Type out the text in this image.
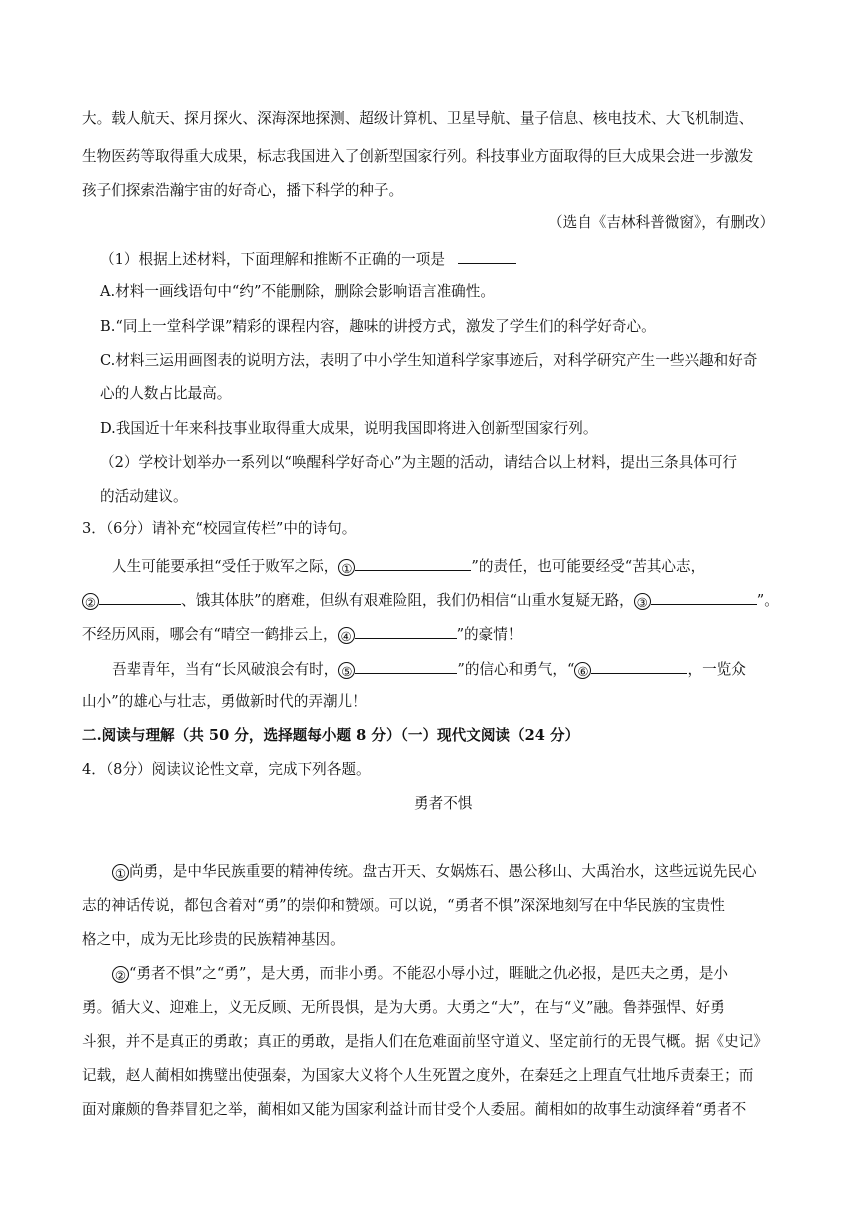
大。载人航天、探月探火、深海深地探测、超级计算机、卫星导航、量子信息、核电技术、大飞机制造、
生物医药等取得重大成果，标志我国进入了创新型国家行列。科技事业方面取得的巨大成果会进一步激发
孩子们探索浩瀚宇宙的好奇心，播下科学的种子。
（选自《吉林科普微窗》，有删改）
（1）根据上述材料，下面理解和推断不正确的一项是
A.材料一画线语句中“约”不能删除，删除会影响语言准确性。
B.“同上一堂科学课”精彩的课程内容，趣味的讲授方式，激发了学生们的科学好奇心。
C.材料三运用画图表的说明方法，表明了中小学生知道科学家事迹后，对科学研究产生一些兴趣和好奇
心的人数占比最高。
D.我国近十年来科技事业取得重大成果，说明我国即将进入创新型国家行列。
（2）学校计划举办一系列以“唤醒科学好奇心”为主题的活动，请结合以上材料，提出三条具体可行
的活动建议。
3．（6分）请补充“校园宣传栏”中的诗句。
人生可能要承担“受任于败军之际， ①	”的责任，也可能要经受“苦其心志，
②	、饿其体肤”的磨难，但纵有艰难险阻，我们仍相信“山重水复疑无路， ③	”。
不经历风雨，哪会有“晴空一鹤排云上， ④	”的豪情！
吾辈青年，当有“长风破浪会有时， ⑤	”的信心和勇气，“ ⑥	，一览众
山小”的雄心与壮志，勇做新时代的弄潮儿！
二.阅读与理解（共 50 分，选择题每小题 8 分）（一）现代文阅读（24 分）
4．（8分）阅读议论性文章，完成下列各题。
勇者不惧
① 尚勇，是中华民族重要的精神传统。盘古开天、女娲炼石、愚公移山、大禹治水，这些远说先民心
志的神话传说，都包含着对“勇”的崇仰和赞颂。可以说，“勇者不惧”深深地刻写在中华民族的宝贵性
格之中，成为无比珍贵的民族精神基因。
② “勇者不惧”之“勇”，是大勇，而非小勇。不能忍小辱小过，睚眦之仇必报，是匹夫之勇，是小
勇。循大义、迎难上，义无反顾、无所畏惧，是为大勇。大勇之“大”，在与“义”融。鲁莽强悍、好勇
斗狠，并不是真正的勇敢；真正的勇敢，是指人们在危难面前坚守道义、坚定前行的无畏气概。据《史记》
记载，赵人蔺相如携璧出使强秦，为国家大义将个人生死置之度外，在秦廷之上理直气壮地斥责秦王；而
面对廉颇的鲁莽冒犯之举，蔺相如又能为国家利益计而甘受个人委屈。蔺相如的故事生动演绎着“勇者不
